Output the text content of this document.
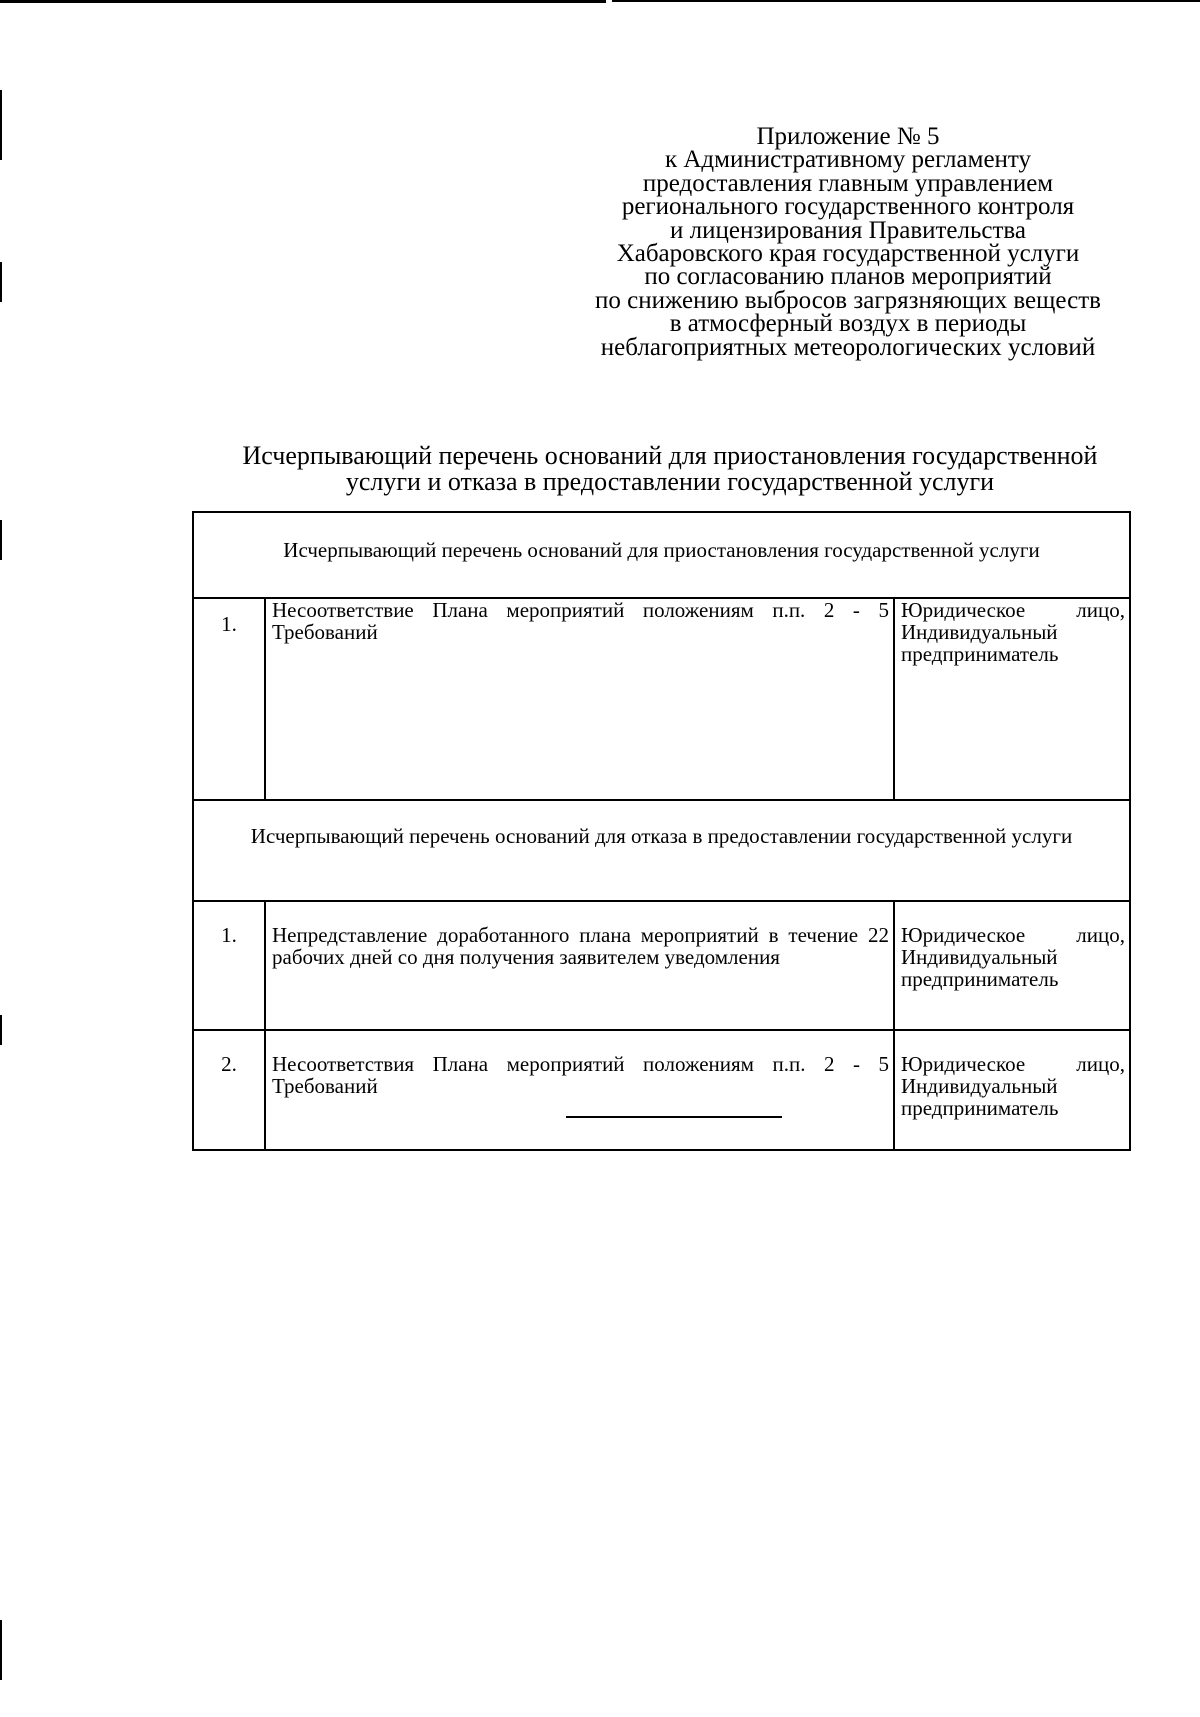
Приложение № 5
к Административному регламенту
предоставления главным управлением
регионального государственного контроля
и лицензирования Правительства
Хабаровского края государственной услуги
по согласованию планов мероприятий
по снижению выбросов загрязняющих веществ
в атмосферный воздух в периоды
неблагоприятных метеорологических условий
Исчерпывающий перечень оснований для приостановления государственной
услуги и отказа в предоставлении государственной услуги
Исчерпывающий перечень оснований для приостановления государственной услуги		
1.	Несоответствие Плана мероприятий положениям п.п. 2 - 5 Требований	Юридическое лицо,
Индивидуальный
предприниматель

Исчерпывающий перечень оснований для отказа в предоставлении государственной услуги		
1.	Непредставление доработанного плана мероприятий в течение 22 рабочих дней со дня получения заявителем уведомления	Юридическое лицо,
Индивидуальный
предприниматель

2.	Несоответствия Плана мероприятий положениям п.п. 2 - 5 Требований	Юридическое лицо,
Индивидуальный
предприниматель
